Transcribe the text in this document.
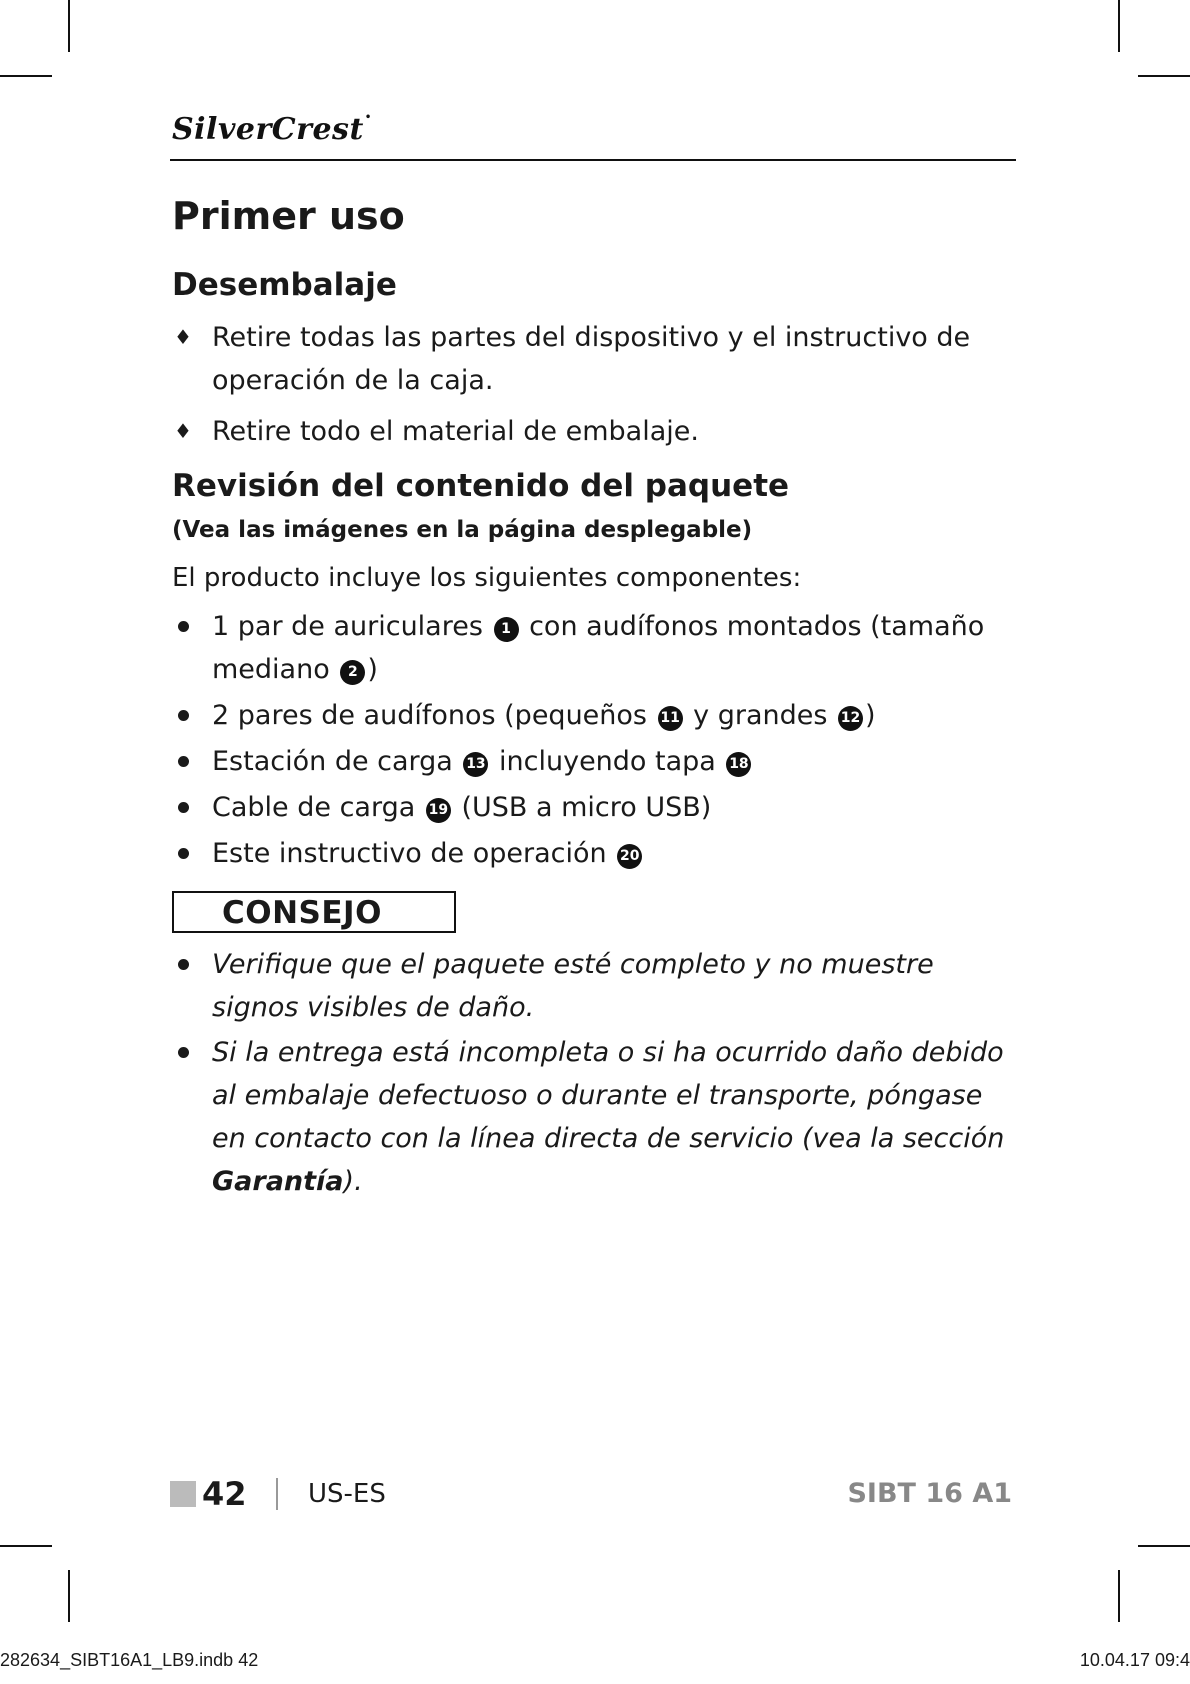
SilverCrest•
Primer uso
Desembalaje
♦ Retire todas las partes del dispositivo y el instructivo de operación de la caja.
♦ Retire todo el material de embalaje.
Revisión del contenido del paquete
(Vea las imágenes en la página desplegable)
El producto incluye los siguientes componentes:
1 par de auriculares 1 con audífonos montados (tamaño mediano 2 )
2 pares de audífonos (pequeños 11 y grandes 12 )
Estación de carga 13 incluyendo tapa 18
Cable de carga 19 (USB a micro USB)
Este instructivo de operación 20
CONSEJO
Verifique que el paquete esté completo y no muestre signos visibles de daño.
Si la entrega está incompleta o si ha ocurrido daño debido al embalaje defectuoso o durante el transporte, póngase en contacto con la línea directa de servicio (vea la sección Garantía).
42 US-ES	SIBT 16 A1
282634_SIBT16A1_LB9.indb 42	10.04.17 09:4
